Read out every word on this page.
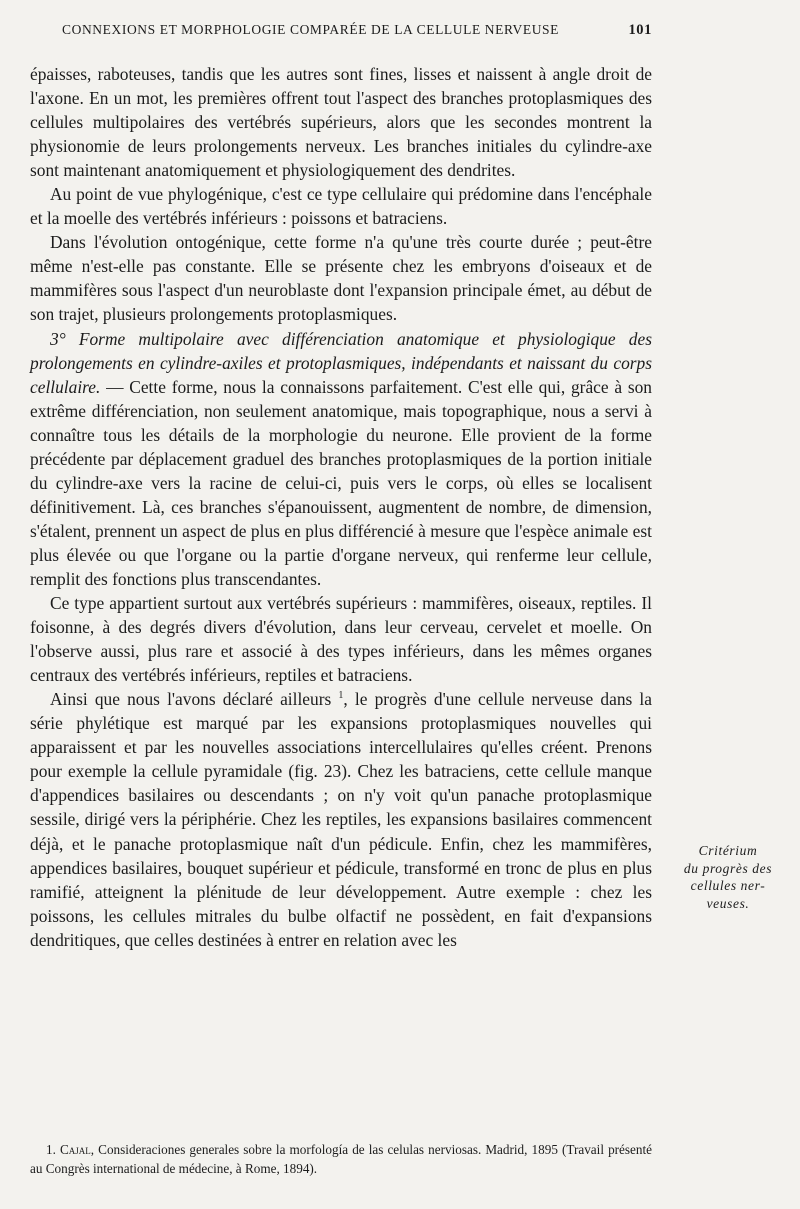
CONNEXIONS ET MORPHOLOGIE COMPARÉE DE LA CELLULE NERVEUSE	101

épaisses, raboteuses, tandis que les autres sont fines, lisses et naissent à angle droit de l'axone. En un mot, les premières offrent tout l'aspect des branches protoplasmiques des cellules multipolaires des vertébrés supérieurs, alors que les secondes montrent la physionomie de leurs prolongements nerveux. Les branches initiales du cylindre-axe sont maintenant anatomiquement et physiologiquement des dendrites.

Au point de vue phylogénique, c'est ce type cellulaire qui prédomine dans l'encéphale et la moelle des vertébrés inférieurs : poissons et batraciens.

Dans l'évolution ontogénique, cette forme n'a qu'une très courte durée ; peut-être même n'est-elle pas constante. Elle se présente chez les embryons d'oiseaux et de mammifères sous l'aspect d'un neuroblaste dont l'expansion principale émet, au début de son trajet, plusieurs prolongements protoplasmiques.

3° Forme multipolaire avec différenciation anatomique et physiologique des prolongements en cylindre-axiles et protoplasmiques, indépendants et naissant du corps cellulaire. — Cette forme, nous la connaissons parfaitement. C'est elle qui, grâce à son extrême différenciation, non seulement anatomique, mais topographique, nous a servi à connaître tous les détails de la morphologie du neurone. Elle provient de la forme précédente par déplacement graduel des branches protoplasmiques de la portion initiale du cylindre-axe vers la racine de celui-ci, puis vers le corps, où elles se localisent définitivement. Là, ces branches s'épanouissent, augmentent de nombre, de dimension, s'étalent, prennent un aspect de plus en plus différencié à mesure que l'espèce animale est plus élevée ou que l'organe ou la partie d'organe nerveux, qui renferme leur cellule, remplit des fonctions plus transcendantes.

Ce type appartient surtout aux vertébrés supérieurs : mammifères, oiseaux, reptiles. Il foisonne, à des degrés divers d'évolution, dans leur cerveau, cervelet et moelle. On l'observe aussi, plus rare et associé à des types inférieurs, dans les mêmes organes centraux des vertébrés inférieurs, reptiles et batraciens.

Ainsi que nous l'avons déclaré ailleurs $^1$, le progrès d'une cellule nerveuse dans la série phylétique est marqué par les expansions protoplasmiques nouvelles qui apparaissent et par les nouvelles associations intercellulaires qu'elles créent. Prenons pour exemple la cellule pyramidale (fig. 23). Chez les batraciens, cette cellule manque d'appendices basilaires ou descendants ; on n'y voit qu'un panache protoplasmique sessile, dirigé vers la périphérie. Chez les reptiles, les expansions basilaires commencent déjà, et le panache protoplasmique naît d'un pédicule. Enfin, chez les mammifères, appendices basilaires, bouquet supérieur et pédicule, transformé en tronc de plus en plus ramifié, atteignent la plénitude de leur développement. Autre exemple : chez les poissons, les cellules mitrales du bulbe olfactif ne possèdent, en fait d'expansions dendritiques, que celles destinées à entrer en relation avec les

Critérium
du progrès des
cellules ner-
veuses.
1. Cajal, Consideraciones generales sobre la morfología de las celulas nerviosas. Madrid, 1895 (Travail présenté au Congrès international de médecine, à Rome, 1894).
